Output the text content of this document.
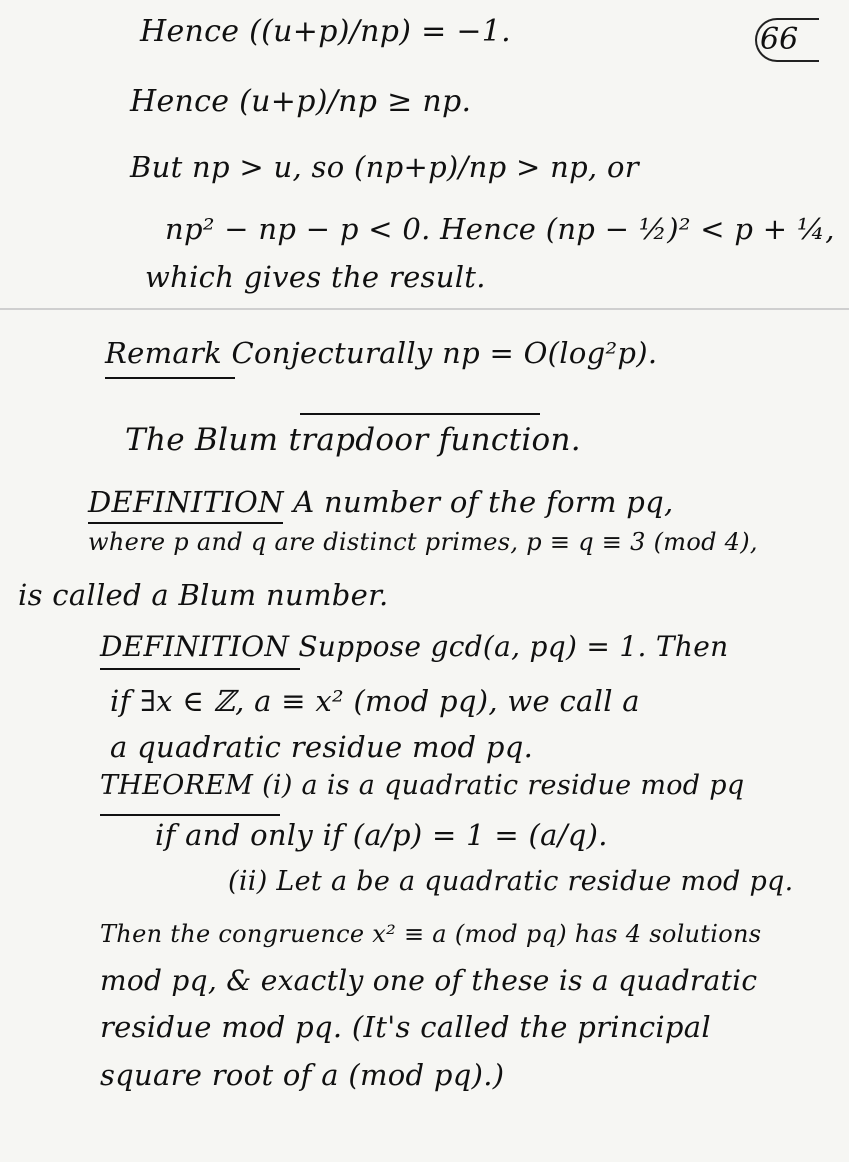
66
Hence ((u+p)/np) = −1.
Hence (u+p)/np ≥ np.
But np > u, so (np+p)/np > np, or
np² − np − p < 0. Hence (np − ½)² < p + ¼,
which gives the result.
Remark Conjecturally np = O(log²p).
The Blum trapdoor function.
DEFINITION A number of the form pq,
where p and q are distinct primes, p ≡ q ≡ 3 (mod 4),
is called a Blum number.
DEFINITION Suppose gcd(a, pq) = 1. Then
if ∃x ∈ ℤ, a ≡ x² (mod pq), we call a
a quadratic residue mod pq.
THEOREM (i) a is a quadratic residue mod pq
if and only if (a/p) = 1 = (a/q).
(ii) Let a be a quadratic residue mod pq.
Then the congruence x² ≡ a (mod pq) has 4 solutions
mod pq, & exactly one of these is a quadratic
residue mod pq. (It's called the principal
square root of a (mod pq).)
